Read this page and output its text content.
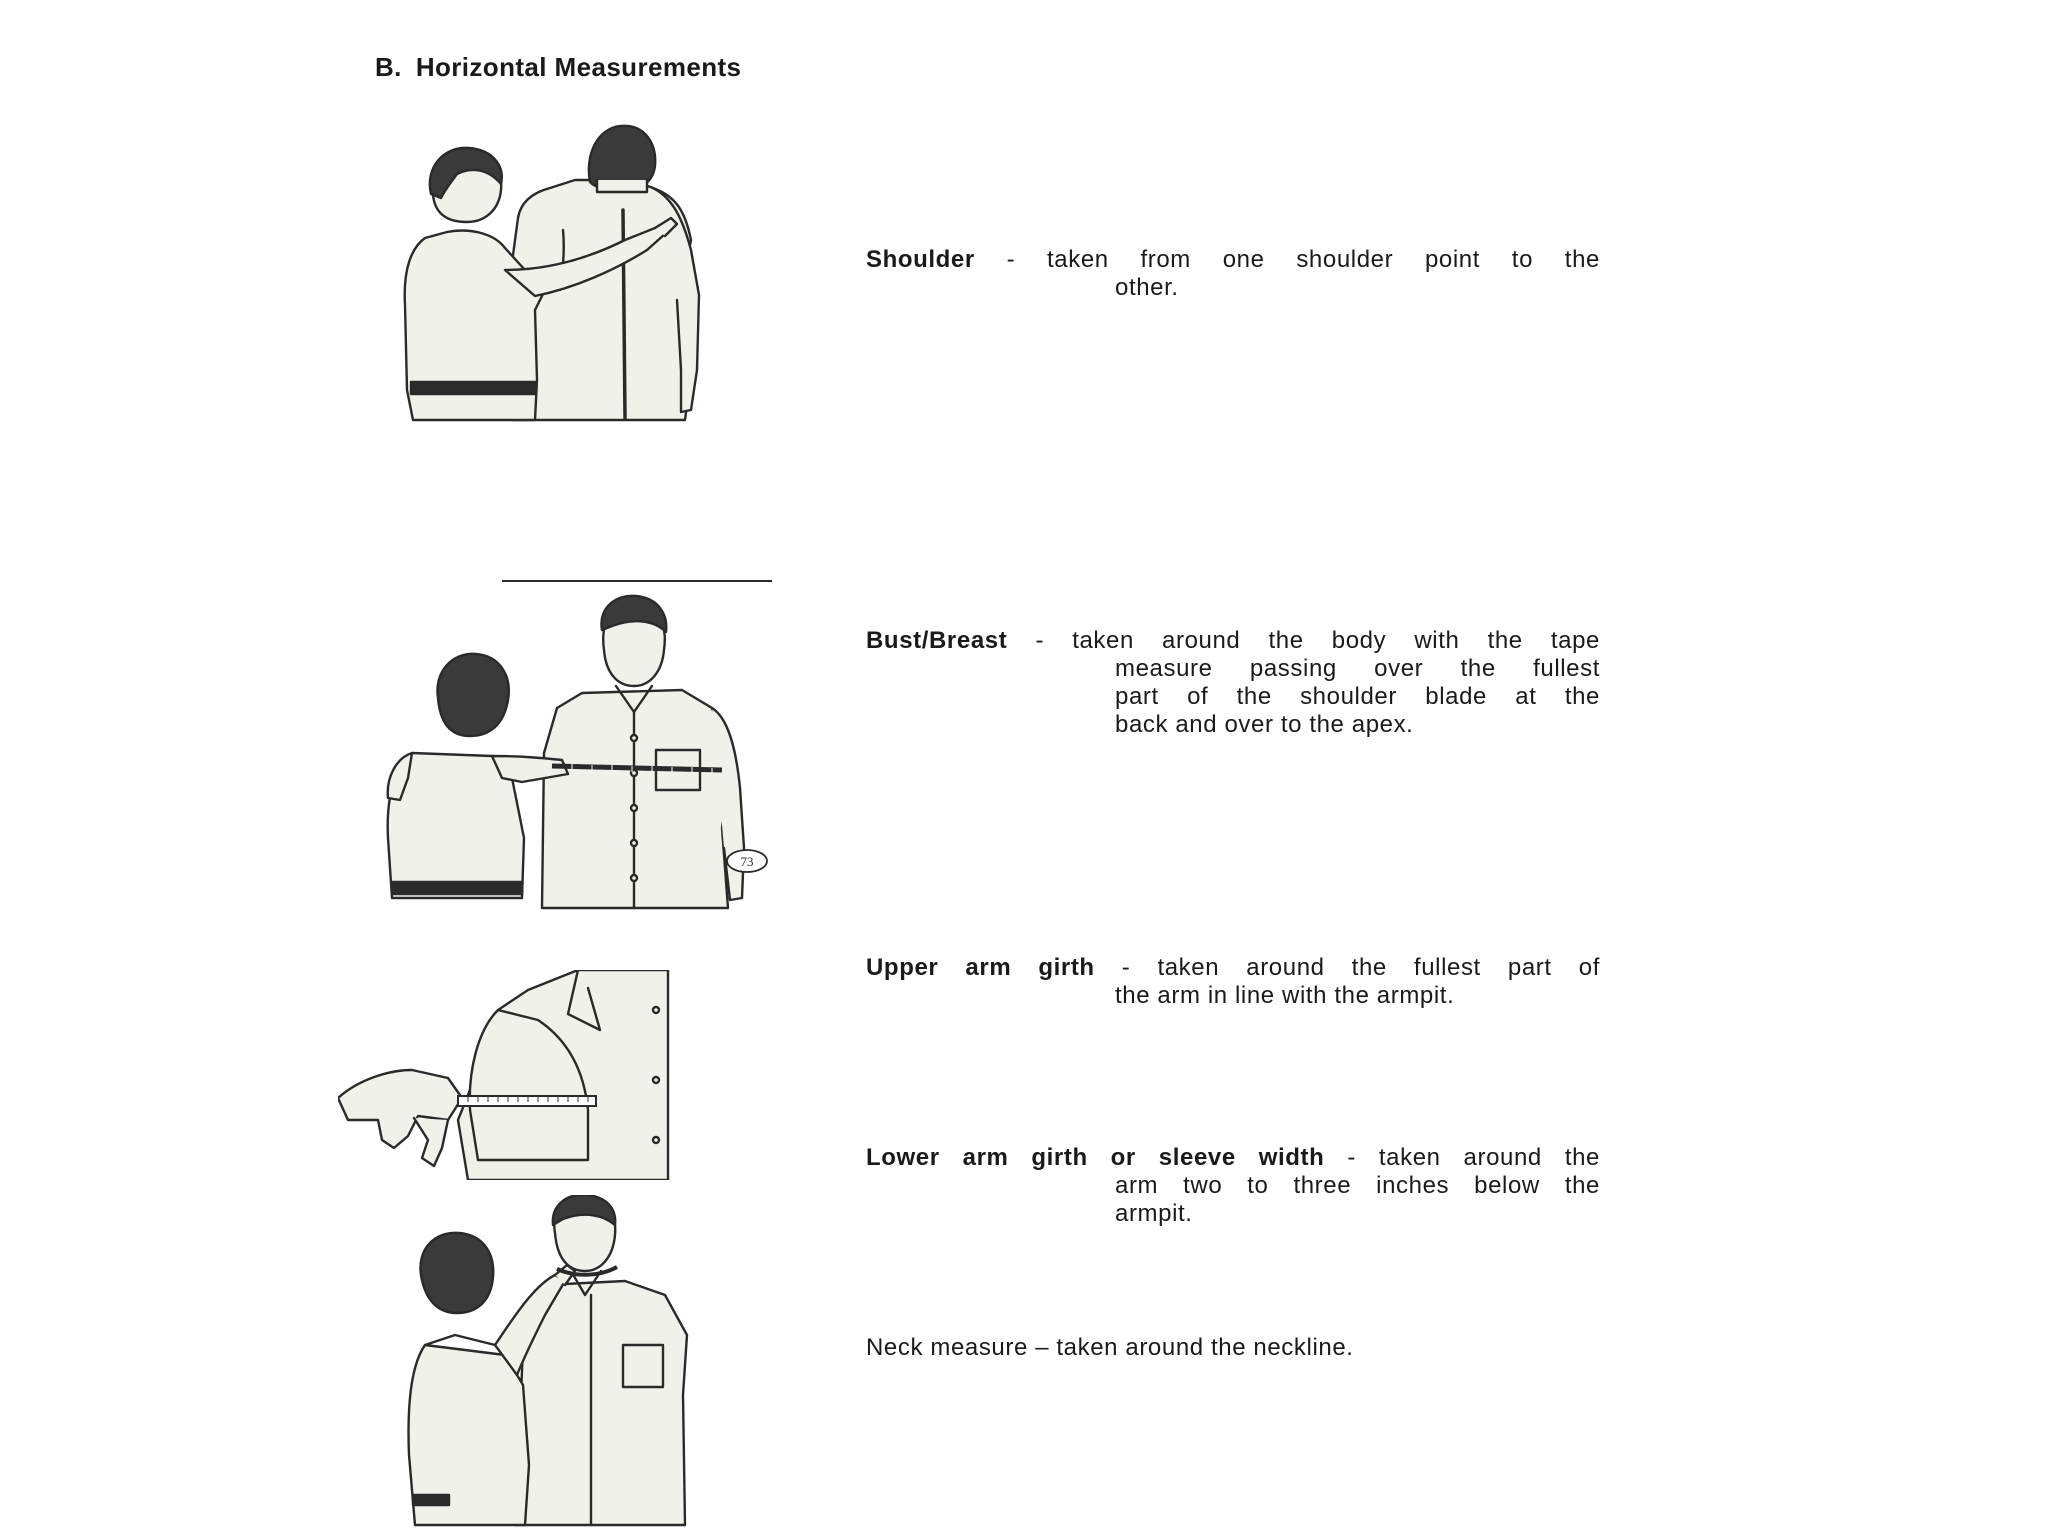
B. Horizontal Measurements
73
Shoulder - taken from one shoulder point to the
other.
Bust/Breast - taken around the body with the tape
measure passing over the fullest
part of the shoulder blade at the
back and over to the apex.
Upper arm girth - taken around the fullest part of
the arm in line with the armpit.
Lower arm girth or sleeve width - taken around the
arm two to three inches below the
armpit.
Neck measure – taken around the neckline.
